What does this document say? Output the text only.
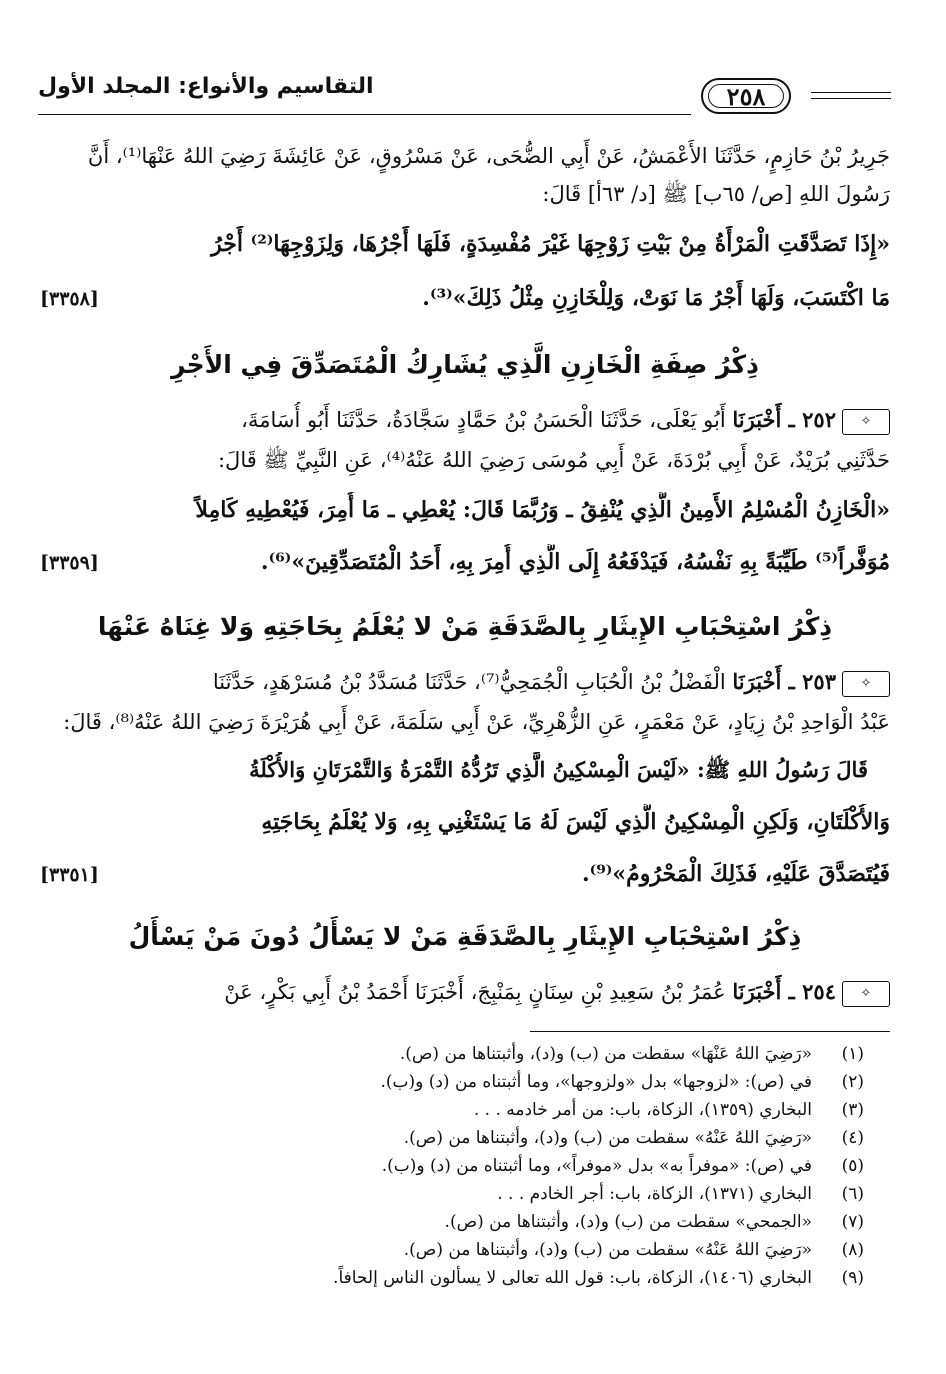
٢٥٨
التقاسيم والأنواع: المجلد الأول
جَرِيرُ بْنُ حَازِمٍ، حَدَّثَنَا الأَعْمَشُ، عَنْ أَبِي الضُّحَى، عَنْ مَسْرُوقٍ، عَنْ عَائِشَةَ رَضِيَ اللهُ عَنْهَا⁽¹⁾، أَنَّ
رَسُولَ اللهِ [ص/ ٦٥ب] ﷺ [د/ ٦٣أ] قَالَ:
«إِذَا تَصَدَّقَتِ الْمَرْأَةُ مِنْ بَيْتِ زَوْجِهَا غَيْرَ مُفْسِدَةٍ، فَلَهَا أَجْرُهَا، وَلِزَوْجِهَا⁽²⁾ أَجْرُ
مَا اكْتَسَبَ، وَلَهَا أَجْرُ مَا نَوَتْ، وَلِلْخَازِنِ مِثْلُ ذَلِكَ»⁽³⁾.
[٣٣٥٨]
ذِكْرُ صِفَةِ الْخَازِنِ الَّذِي يُشَارِكُ الْمُتَصَدِّقَ فِي الأَجْرِ
✧٢٥٢ ـ أَخْبَرَنَا أَبُو يَعْلَى، حَدَّثَنَا الْحَسَنُ بْنُ حَمَّادٍ سَجَّادَةُ، حَدَّثَنَا أَبُو أُسَامَةَ،
حَدَّثَنِي بُرَيْدٌ، عَنْ أَبِي بُرْدَةَ، عَنْ أَبِي مُوسَى رَضِيَ اللهُ عَنْهُ⁽⁴⁾، عَنِ النَّبِيِّ ﷺ قَالَ:
«الْخَازِنُ الْمُسْلِمُ الأَمِينُ الَّذِي يُنْفِقُ ـ وَرُبَّمَا قَالَ: يُعْطِي ـ مَا أُمِرَ، فَيُعْطِيهِ كَامِلاً
مُوَفَّراً⁽⁵⁾ طَيِّبَةً بِهِ نَفْسُهُ، فَيَدْفَعُهُ إِلَى الَّذِي أُمِرَ بِهِ، أَحَدُ الْمُتَصَدِّقِينَ»⁽⁶⁾.
[٣٣٥٩]
ذِكْرُ اسْتِحْبَابِ الإِيثَارِ بِالصَّدَقَةِ مَنْ لا يُعْلَمُ بِحَاجَتِهِ وَلا غِنَاهُ عَنْهَا
✧٢٥٣ ـ أَخْبَرَنَا الْفَضْلُ بْنُ الْحُبَابِ الْجُمَحِيُّ⁽⁷⁾، حَدَّثَنَا مُسَدَّدُ بْنُ مُسَرْهَدٍ، حَدَّثَنَا
عَبْدُ الْوَاحِدِ بْنُ زِيَادٍ، عَنْ مَعْمَرٍ، عَنِ الزُّهْرِيِّ، عَنْ أَبِي سَلَمَةَ، عَنْ أَبِي هُرَيْرَةَ رَضِيَ اللهُ عَنْهُ⁽⁸⁾، قَالَ:
قَالَ رَسُولُ اللهِ ﷺ: «لَيْسَ الْمِسْكِينُ الَّذِي تَرُدُّهُ التَّمْرَةُ وَالتَّمْرَتَانِ وَالأُكْلَةُ
وَالأُكْلَتَانِ، وَلَكِنِ الْمِسْكِينُ الَّذِي لَيْسَ لَهُ مَا يَسْتَغْنِي بِهِ، وَلا يُعْلَمُ بِحَاجَتِهِ
فَيُتَصَدَّقَ عَلَيْهِ، فَذَلِكَ الْمَحْرُومُ»⁽⁹⁾.
[٣٣٥١]
ذِكْرُ اسْتِحْبَابِ الإِيثَارِ بِالصَّدَقَةِ مَنْ لا يَسْأَلُ دُونَ مَنْ يَسْأَلُ
✧٢٥٤ ـ أَخْبَرَنَا عُمَرُ بْنُ سَعِيدِ بْنِ سِنَانٍ بِمَنْبِجَ، أَخْبَرَنَا أَحْمَدُ بْنُ أَبِي بَكْرٍ، عَنْ
(١)«رَضِيَ اللهُ عَنْهَا» سقطت من (ب) و(د)، وأثبتناها من (ص).
(٢)في (ص): «لزوجها» بدل «ولزوجها»، وما أثبتناه من (د) و(ب).
(٣)البخاري (١٣٥٩)، الزكاة، باب: من أمر خادمه . . .
(٤)«رَضِيَ اللهُ عَنْهُ» سقطت من (ب) و(د)، وأثبتناها من (ص).
(٥)في (ص): «موفراً به» بدل «موفراً»، وما أثبتناه من (د) و(ب).
(٦)البخاري (١٣٧١)، الزكاة، باب: أجر الخادم . . .
(٧)«الجمحي» سقطت من (ب) و(د)، وأثبتناها من (ص).
(٨)«رَضِيَ اللهُ عَنْهُ» سقطت من (ب) و(د)، وأثبتناها من (ص).
(٩)البخاري (١٤٠٦)، الزكاة، باب: قول الله تعالى لا يسألون الناس إلحافاً.
